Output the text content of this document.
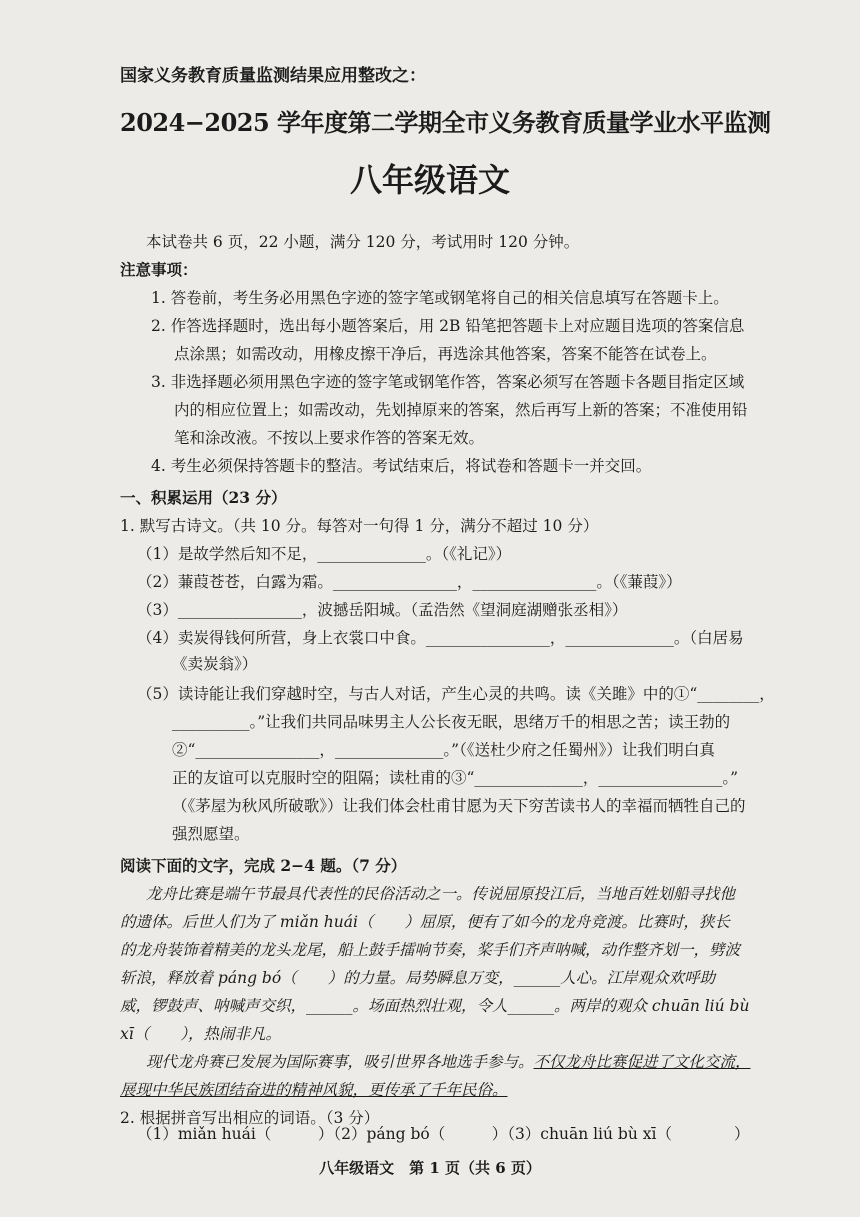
国家义务教育质量监测结果应用整改之：
2024−2025 学年度第二学期全市义务教育质量学业水平监测
八年级语文
本试卷共 6 页，22 小题，满分 120 分，考试用时 120 分钟。
注意事项：
1. 答卷前，考生务必用黑色字迹的签字笔或钢笔将自己的相关信息填写在答题卡上。
2. 作答选择题时，选出每小题答案后，用 2B 铅笔把答题卡上对应题目选项的答案信息
点涂黑；如需改动，用橡皮擦干净后，再选涂其他答案，答案不能答在试卷上。
3. 非选择题必须用黑色字迹的签字笔或钢笔作答，答案必须写在答题卡各题目指定区域
内的相应位置上；如需改动，先划掉原来的答案，然后再写上新的答案；不准使用铅
笔和涂改液。不按以上要求作答的答案无效。
4. 考生必须保持答题卡的整洁。考试结束后，将试卷和答题卡一并交回。
一、积累运用（23 分）
1. 默写古诗文。（共 10 分。每答对一句得 1 分，满分不超过 10 分）
（1）是故学然后知不足，______________。（《礼记》）
（2）蒹葭苍苍，白露为霜。________________，________________。（《蒹葭》）
（3）________________，波撼岳阳城。（孟浩然《望洞庭湖赠张丞相》）
（4）卖炭得钱何所营，身上衣裳口中食。________________，______________。（白居易
《卖炭翁》）
（5）读诗能让我们穿越时空，与古人对话，产生心灵的共鸣。读《关雎》中的①“________，
__________。”让我们共同品味男主人公长夜无眠，思绪万千的相思之苦；读王勃的
②“________________，______________。”（《送杜少府之任蜀州》）让我们明白真
正的友谊可以克服时空的阻隔；读杜甫的③“______________，________________。”
（《茅屋为秋风所破歌》）让我们体会杜甫甘愿为天下穷苦读书人的幸福而牺牲自己的
强烈愿望。
阅读下面的文字，完成 2−4 题。（7 分）
龙舟比赛是端午节最具代表性的民俗活动之一。传说屈原投江后，当地百姓划船寻找他
的遗体。后世人们为了 miǎn huái（　　）屈原，便有了如今的龙舟竞渡。比赛时，狭长
的龙舟装饰着精美的龙头龙尾，船上鼓手擂响节奏，桨手们齐声呐喊，动作整齐划一，劈波
斩浪，释放着 páng bó（　　）的力量。局势瞬息万变，______人心。江岸观众欢呼助
威，锣鼓声、呐喊声交织，______。场面热烈壮观，令人______。两岸的观众 chuān liú bù
xī（　　），热闹非凡。
现代龙舟赛已发展为国际赛事，吸引世界各地选手参与。不仅龙舟比赛促进了文化交流，
展现中华民族团结奋进的精神风貌，更传承了千年民俗。
2. 根据拼音写出相应的词语。（3 分）
（1）miǎn huái（　　　）（2）páng bó（　　　）（3）chuān liú bù xī（　　　　）
八年级语文　第 1 页（共 6 页）
